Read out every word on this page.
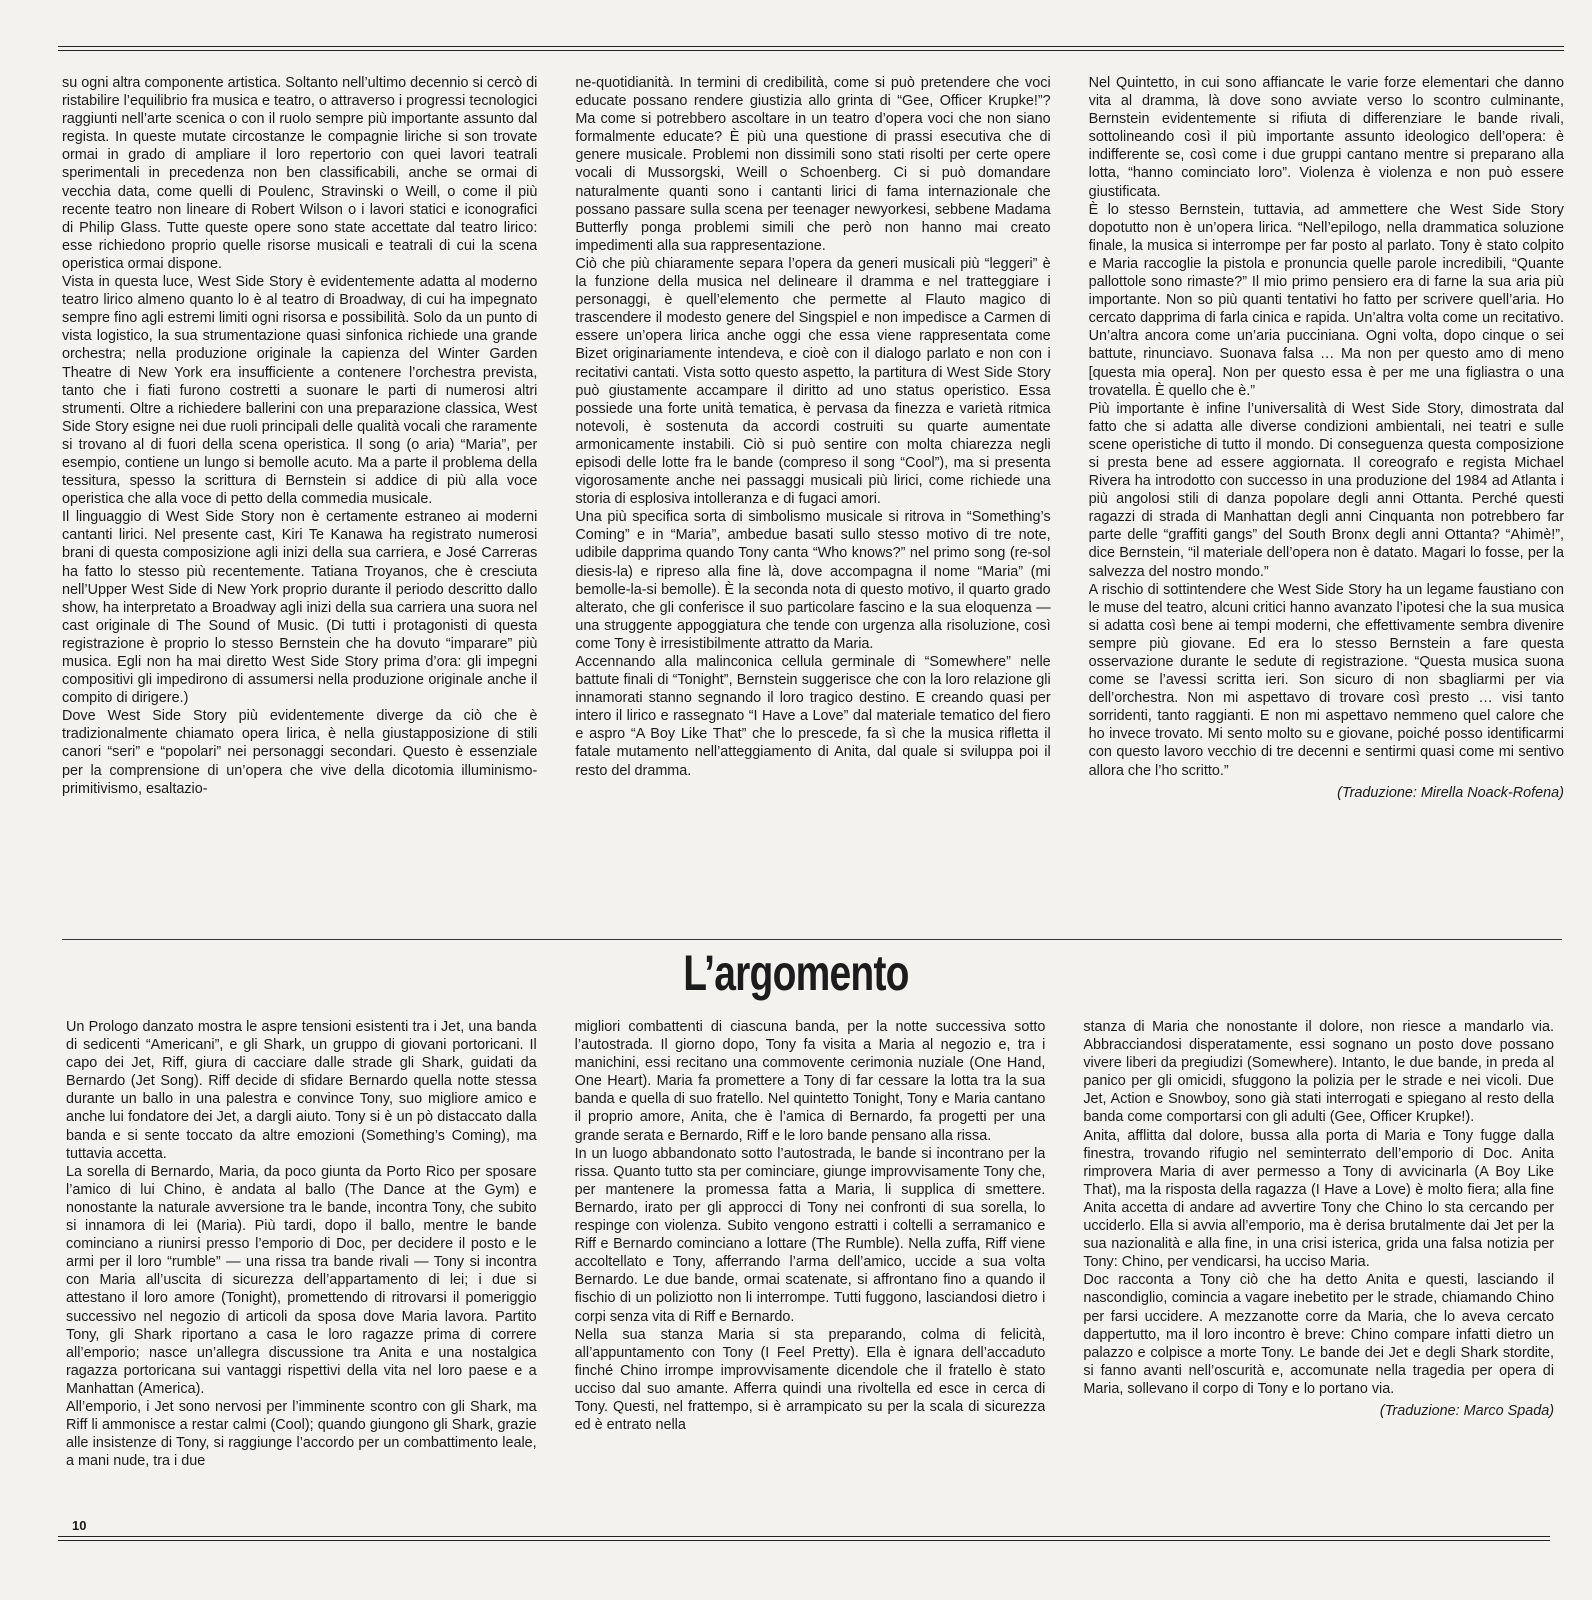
su ogni altra componente artistica. Soltanto nell’ultimo decennio si cercò di ristabilire l’equilibrio fra musica e teatro, o attraverso i progressi tecnologici raggiunti nell’arte scenica o con il ruolo sempre più importante assunto dal regista. In queste mutate circostanze le compagnie liriche si son trovate ormai in grado di ampliare il loro repertorio con quei lavori teatrali sperimentali in precedenza non ben classificabili, anche se ormai di vecchia data, come quelli di Poulenc, Stravinski o Weill, o come il più recente teatro non lineare di Robert Wilson o i lavori statici e iconografici di Philip Glass. Tutte queste opere sono state accettate dal teatro lirico: esse richiedono proprio quelle risorse musicali e teatrali di cui la scena operistica ormai dispone.

Vista in questa luce, West Side Story è evidentemente adatta al moderno teatro lirico almeno quanto lo è al teatro di Broadway, di cui ha impegnato sempre fino agli estremi limiti ogni risorsa e possibilità. Solo da un punto di vista logistico, la sua strumentazione quasi sinfonica richiede una grande orchestra; nella produzione originale la capienza del Winter Garden Theatre di New York era insufficiente a contenere l’orchestra prevista, tanto che i fiati furono costretti a suonare le parti di numerosi altri strumenti. Oltre a richiedere ballerini con una preparazione classica, West Side Story esigne nei due ruoli principali delle qualità vocali che raramente si trovano al di fuori della scena operistica. Il song (o aria) “Maria”, per esempio, contiene un lungo si bemolle acuto. Ma a parte il problema della tessitura, spesso la scrittura di Bernstein si addice di più alla voce operistica che alla voce di petto della commedia musicale.

Il linguaggio di West Side Story non è certamente estraneo ai moderni cantanti lirici. Nel presente cast, Kiri Te Kanawa ha registrato numerosi brani di questa composizione agli inizi della sua carriera, e José Carreras ha fatto lo stesso più recentemente. Tatiana Troyanos, che è cresciuta nell’Upper West Side di New York proprio durante il periodo descritto dallo show, ha interpretato a Broadway agli inizi della sua carriera una suora nel cast originale di The Sound of Music. (Di tutti i protagonisti di questa registrazione è proprio lo stesso Bernstein che ha dovuto “imparare” più musica. Egli non ha mai diretto West Side Story prima d’ora: gli impegni compositivi gli impedirono di assumersi nella produzione originale anche il compito di dirigere.)

Dove West Side Story più evidentemente diverge da ciò che è tradizionalmente chiamato opera lirica, è nella giustapposizione di stili canori “seri” e “popolari” nei personaggi secondari. Questo è essenziale per la comprensione di un’opera che vive della dicotomia illuminismo-primitivismo, esaltazio-

ne-quotidianità. In termini di credibilità, come si può pretendere che voci educate possano rendere giustizia allo grinta di “Gee, Officer Krupke!”? Ma come si potrebbero ascoltare in un teatro d’opera voci che non siano formalmente educate? È più una questione di prassi esecutiva che di genere musicale. Problemi non dissimili sono stati risolti per certe opere vocali di Mussorgski, Weill o Schoenberg. Ci si può domandare naturalmente quanti sono i cantanti lirici di fama internazionale che possano passare sulla scena per teenager newyorkesi, sebbene Madama Butterfly ponga problemi simili che però non hanno mai creato impedimenti alla sua rappresentazione.

Ciò che più chiaramente separa l’opera da generi musicali più “leggeri” è la funzione della musica nel delineare il dramma e nel tratteggiare i personaggi, è quell’elemento che permette al Flauto magico di trascendere il modesto genere del Singspiel e non impedisce a Carmen di essere un’opera lirica anche oggi che essa viene rappresentata come Bizet originariamente intendeva, e cioè con il dialogo parlato e non con i recitativi cantati. Vista sotto questo aspetto, la partitura di West Side Story può giustamente accampare il diritto ad uno status operistico. Essa possiede una forte unità tematica, è pervasa da finezza e varietà ritmica notevoli, è sostenuta da accordi costruiti su quarte aumentate armonicamente instabili. Ciò si può sentire con molta chiarezza negli episodi delle lotte fra le bande (compreso il song “Cool”), ma si presenta vigorosamente anche nei passaggi musicali più lirici, come richiede una storia di esplosiva intolleranza e di fugaci amori.

Una più specifica sorta di simbolismo musicale si ritrova in “Something’s Coming” e in “Maria”, ambedue basati sullo stesso motivo di tre note, udibile dapprima quando Tony canta “Who knows?” nel primo song (re-sol diesis-la) e ripreso alla fine là, dove accompagna il nome “Maria” (mi bemolle-la-si bemolle). È la seconda nota di questo motivo, il quarto grado alterato, che gli conferisce il suo particolare fascino e la sua eloquenza — una struggente appoggiatura che tende con urgenza alla risoluzione, così come Tony è irresistibilmente attratto da Maria.

Accennando alla malinconica cellula germinale di “Somewhere” nelle battute finali di “Tonight”, Bernstein suggerisce che con la loro relazione gli innamorati stanno segnando il loro tragico destino. E creando quasi per intero il lirico e rassegnato “I Have a Love” dal materiale tematico del fiero e aspro “A Boy Like That” che lo prescede, fa sì che la musica rifletta il fatale mutamento nell’atteggiamento di Anita, dal quale si sviluppa poi il resto del dramma.

Nel Quintetto, in cui sono affiancate le varie forze elementari che danno vita al dramma, là dove sono avviate verso lo scontro culminante, Bernstein evidentemente si rifiuta di differenziare le bande rivali, sottolineando così il più importante assunto ideologico dell’opera: è indifferente se, così come i due gruppi cantano mentre si preparano alla lotta, “hanno cominciato loro”. Violenza è violenza e non può essere giustificata.

È lo stesso Bernstein, tuttavia, ad ammettere che West Side Story dopotutto non è un’opera lirica. “Nell’epilogo, nella drammatica soluzione finale, la musica si interrompe per far posto al parlato. Tony è stato colpito e Maria raccoglie la pistola e pronuncia quelle parole incredibili, “Quante pallottole sono rimaste?” Il mio primo pensiero era di farne la sua aria più importante. Non so più quanti tentativi ho fatto per scrivere quell’aria. Ho cercato dapprima di farla cinica e rapida. Un’altra volta come un recitativo. Un’altra ancora come un’aria pucciniana. Ogni volta, dopo cinque o sei battute, rinunciavo. Suonava falsa … Ma non per questo amo di meno [questa mia opera]. Non per questo essa è per me una figliastra o una trovatella. È quello che è.”

Più importante è infine l’universalità di West Side Story, dimostrata dal fatto che si adatta alle diverse condizioni ambientali, nei teatri e sulle scene operistiche di tutto il mondo. Di conseguenza questa composizione si presta bene ad essere aggiornata. Il coreografo e regista Michael Rivera ha introdotto con successo in una produzione del 1984 ad Atlanta i più angolosi stili di danza popolare degli anni Ottanta. Perché questi ragazzi di strada di Manhattan degli anni Cinquanta non potrebbero far parte delle “graffiti gangs” del South Bronx degli anni Ottanta? “Ahimè!”, dice Bernstein, “il materiale dell’opera non è datato. Magari lo fosse, per la salvezza del nostro mondo.”

A rischio di sottintendere che West Side Story ha un legame faustiano con le muse del teatro, alcuni critici hanno avanzato l’ipotesi che la sua musica si adatta così bene ai tempi moderni, che effettivamente sembra divenire sempre più giovane. Ed era lo stesso Bernstein a fare questa osservazione durante le sedute di registrazione. “Questa musica suona come se l’avessi scritta ieri. Son sicuro di non sbagliarmi per via dell’orchestra. Non mi aspettavo di trovare così presto … visi tanto sorridenti, tanto raggianti. E non mi aspettavo nemmeno quel calore che ho invece trovato. Mi sento molto su e giovane, poiché posso identificarmi con questo lavoro vecchio di tre decenni e sentirmi quasi come mi sentivo allora che l’ho scritto.”

(Traduzione: Mirella Noack-Rofena)

L’argomento

Un Prologo danzato mostra le aspre tensioni esistenti tra i Jet, una banda di sedicenti “Americani”, e gli Shark, un gruppo di giovani portoricani. Il capo dei Jet, Riff, giura di cacciare dalle strade gli Shark, guidati da Bernardo (Jet Song). Riff decide di sfidare Bernardo quella notte stessa durante un ballo in una palestra e convince Tony, suo migliore amico e anche lui fondatore dei Jet, a dargli aiuto. Tony si è un pò distaccato dalla banda e si sente toccato da altre emozioni (Something’s Coming), ma tuttavia accetta.

La sorella di Bernardo, Maria, da poco giunta da Porto Rico per sposare l’amico di lui Chino, è andata al ballo (The Dance at the Gym) e nonostante la naturale avversione tra le bande, incontra Tony, che subito si innamora di lei (Maria). Più tardi, dopo il ballo, mentre le bande cominciano a riunirsi presso l’emporio di Doc, per decidere il posto e le armi per il loro “rumble” — una rissa tra bande rivali — Tony si incontra con Maria all’uscita di sicurezza dell’appartamento di lei; i due si attestano il loro amore (Tonight), promettendo di ritrovarsi il pomeriggio successivo nel negozio di articoli da sposa dove Maria lavora. Partito Tony, gli Shark riportano a casa le loro ragazze prima di correre all’emporio; nasce un’allegra discussione tra Anita e una nostalgica ragazza portoricana sui vantaggi rispettivi della vita nel loro paese e a Manhattan (America).

All’emporio, i Jet sono nervosi per l’imminente scontro con gli Shark, ma Riff li ammonisce a restar calmi (Cool); quando giungono gli Shark, grazie alle insistenze di Tony, si raggiunge l’accordo per un combattimento leale, a mani nude, tra i due

migliori combattenti di ciascuna banda, per la notte successiva sotto l’autostrada. Il giorno dopo, Tony fa visita a Maria al negozio e, tra i manichini, essi recitano una commovente cerimonia nuziale (One Hand, One Heart). Maria fa promettere a Tony di far cessare la lotta tra la sua banda e quella di suo fratello. Nel quintetto Tonight, Tony e Maria cantano il proprio amore, Anita, che è l’amica di Bernardo, fa progetti per una grande serata e Bernardo, Riff e le loro bande pensano alla rissa.

In un luogo abbandonato sotto l’autostrada, le bande si incontrano per la rissa. Quanto tutto sta per cominciare, giunge improvvisamente Tony che, per mantenere la promessa fatta a Maria, li supplica di smettere. Bernardo, irato per gli approcci di Tony nei confronti di sua sorella, lo respinge con violenza. Subito vengono estratti i coltelli a serramanico e Riff e Bernardo cominciano a lottare (The Rumble). Nella zuffa, Riff viene accoltellato e Tony, afferrando l’arma dell’amico, uccide a sua volta Bernardo. Le due bande, ormai scatenate, si affrontano fino a quando il fischio di un poliziotto non li interrompe. Tutti fuggono, lasciandosi dietro i corpi senza vita di Riff e Bernardo.

Nella sua stanza Maria si sta preparando, colma di felicità, all’appuntamento con Tony (I Feel Pretty). Ella è ignara dell’accaduto finché Chino irrompe improvvisamente dicendole che il fratello è stato ucciso dal suo amante. Afferra quindi una rivoltella ed esce in cerca di Tony. Questi, nel frattempo, si è arrampicato su per la scala di sicurezza ed è entrato nella

stanza di Maria che nonostante il dolore, non riesce a mandarlo via. Abbracciandosi disperatamente, essi sognano un posto dove possano vivere liberi da pregiudizi (Somewhere). Intanto, le due bande, in preda al panico per gli omicidi, sfuggono la polizia per le strade e nei vicoli. Due Jet, Action e Snowboy, sono già stati interrogati e spiegano al resto della banda come comportarsi con gli adulti (Gee, Officer Krupke!).

Anita, afflitta dal dolore, bussa alla porta di Maria e Tony fugge dalla finestra, trovando rifugio nel seminterrato dell’emporio di Doc. Anita rimprovera Maria di aver permesso a Tony di avvicinarla (A Boy Like That), ma la risposta della ragazza (I Have a Love) è molto fiera; alla fine Anita accetta di andare ad avvertire Tony che Chino lo sta cercando per ucciderlo. Ella si avvia all’emporio, ma è derisa brutalmente dai Jet per la sua nazionalità e alla fine, in una crisi isterica, grida una falsa notizia per Tony: Chino, per vendicarsi, ha ucciso Maria.

Doc racconta a Tony ciò che ha detto Anita e questi, lasciando il nascondiglio, comincia a vagare inebetito per le strade, chiamando Chino per farsi uccidere. A mezzanotte corre da Maria, che lo aveva cercato dappertutto, ma il loro incontro è breve: Chino compare infatti dietro un palazzo e colpisce a morte Tony. Le bande dei Jet e degli Shark stordite, si fanno avanti nell’oscurità e, accomunate nella tragedia per opera di Maria, sollevano il corpo di Tony e lo portano via.

(Traduzione: Marco Spada)

10
